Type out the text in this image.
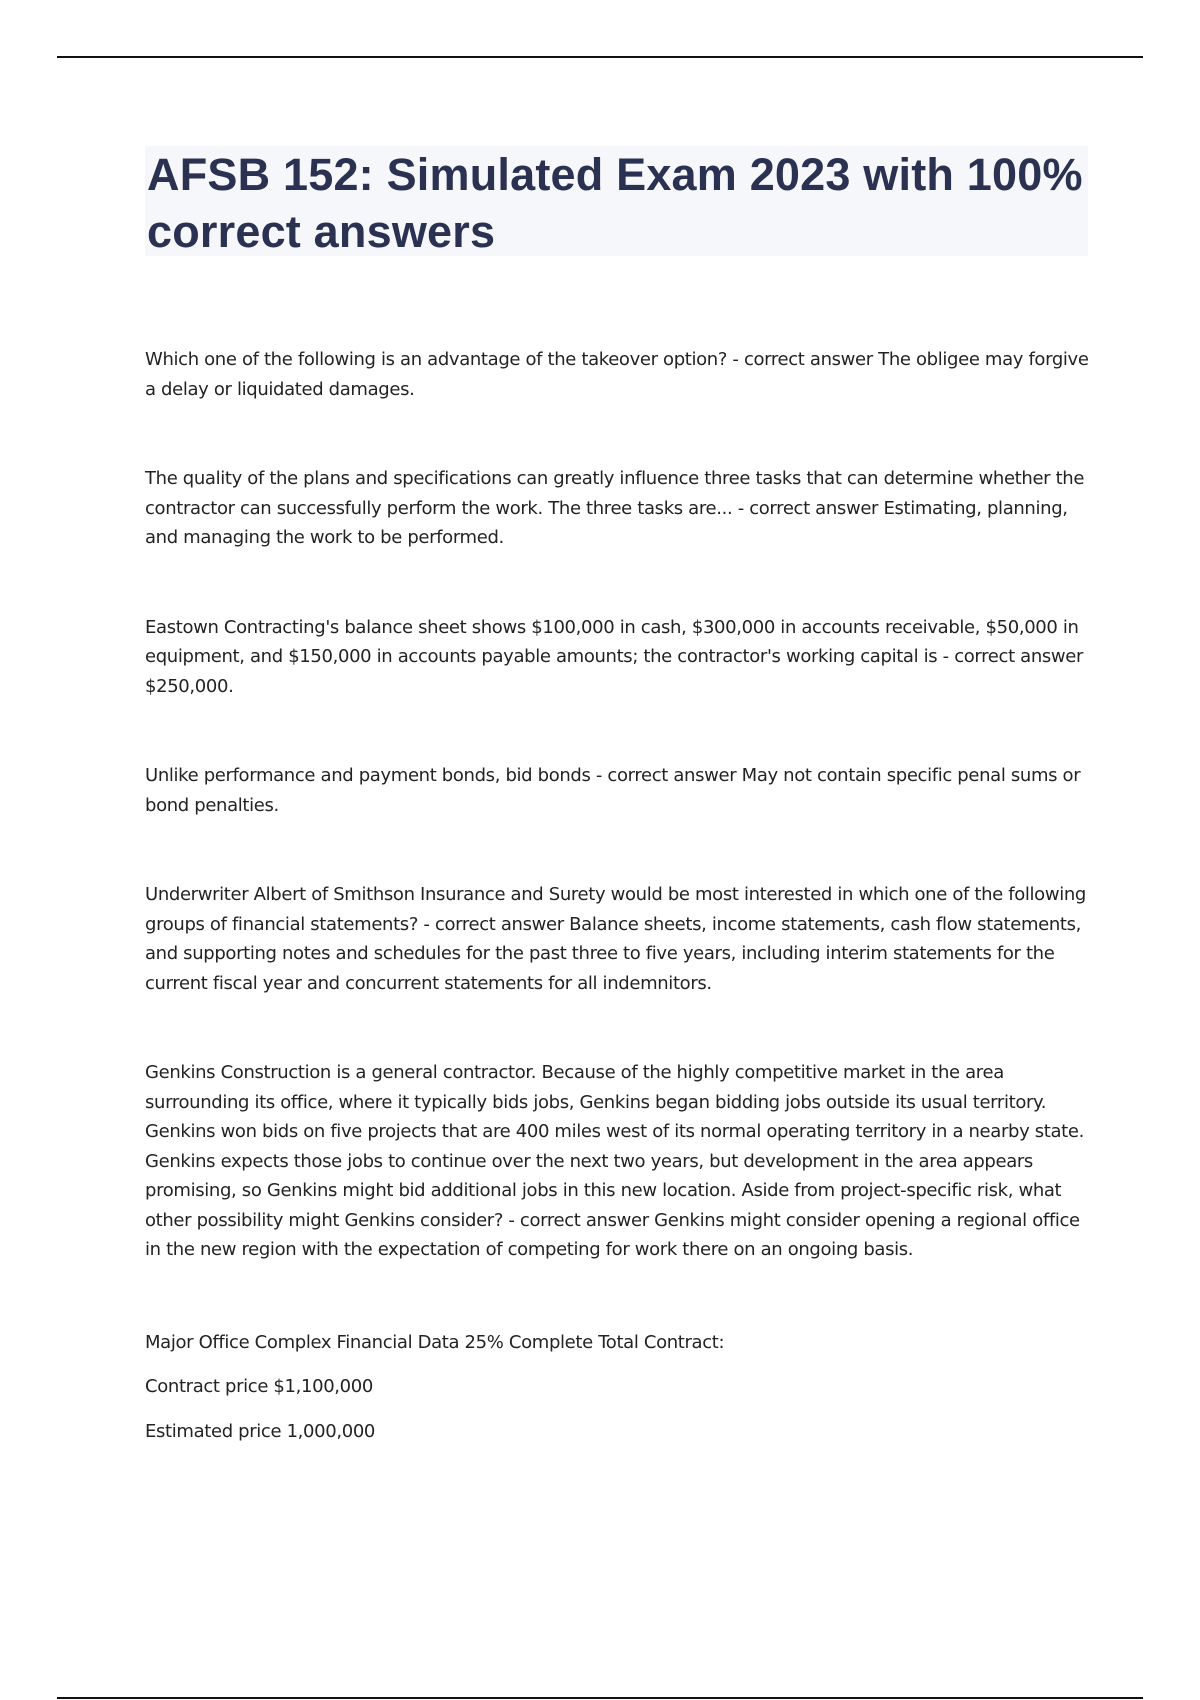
AFSB 152: Simulated Exam 2023 with 100% correct answers

Which one of the following is an advantage of the takeover option? - correct answer The obligee may forgive a delay or liquidated damages.

The quality of the plans and specifications can greatly influence three tasks that can determine whether the contractor can successfully perform the work. The three tasks are... - correct answer Estimating, planning, and managing the work to be performed.

Eastown Contracting's balance sheet shows $100,000 in cash, $300,000 in accounts receivable, $50,000 in equipment, and $150,000 in accounts payable amounts; the contractor's working capital is - correct answer $250,000.

Unlike performance and payment bonds, bid bonds - correct answer May not contain specific penal sums or bond penalties.

Underwriter Albert of Smithson Insurance and Surety would be most interested in which one of the following groups of financial statements? - correct answer Balance sheets, income statements, cash flow statements, and supporting notes and schedules for the past three to five years, including interim statements for the current fiscal year and concurrent statements for all indemnitors.

Genkins Construction is a general contractor. Because of the highly competitive market in the area surrounding its office, where it typically bids jobs, Genkins began bidding jobs outside its usual territory. Genkins won bids on five projects that are 400 miles west of its normal operating territory in a nearby state. Genkins expects those jobs to continue over the next two years, but development in the area appears promising, so Genkins might bid additional jobs in this new location. Aside from project-specific risk, what other possibility might Genkins consider? - correct answer Genkins might consider opening a regional office in the new region with the expectation of competing for work there on an ongoing basis.

Major Office Complex Financial Data 25% Complete Total Contract:

Contract price $1,100,000

Estimated price 1,000,000
